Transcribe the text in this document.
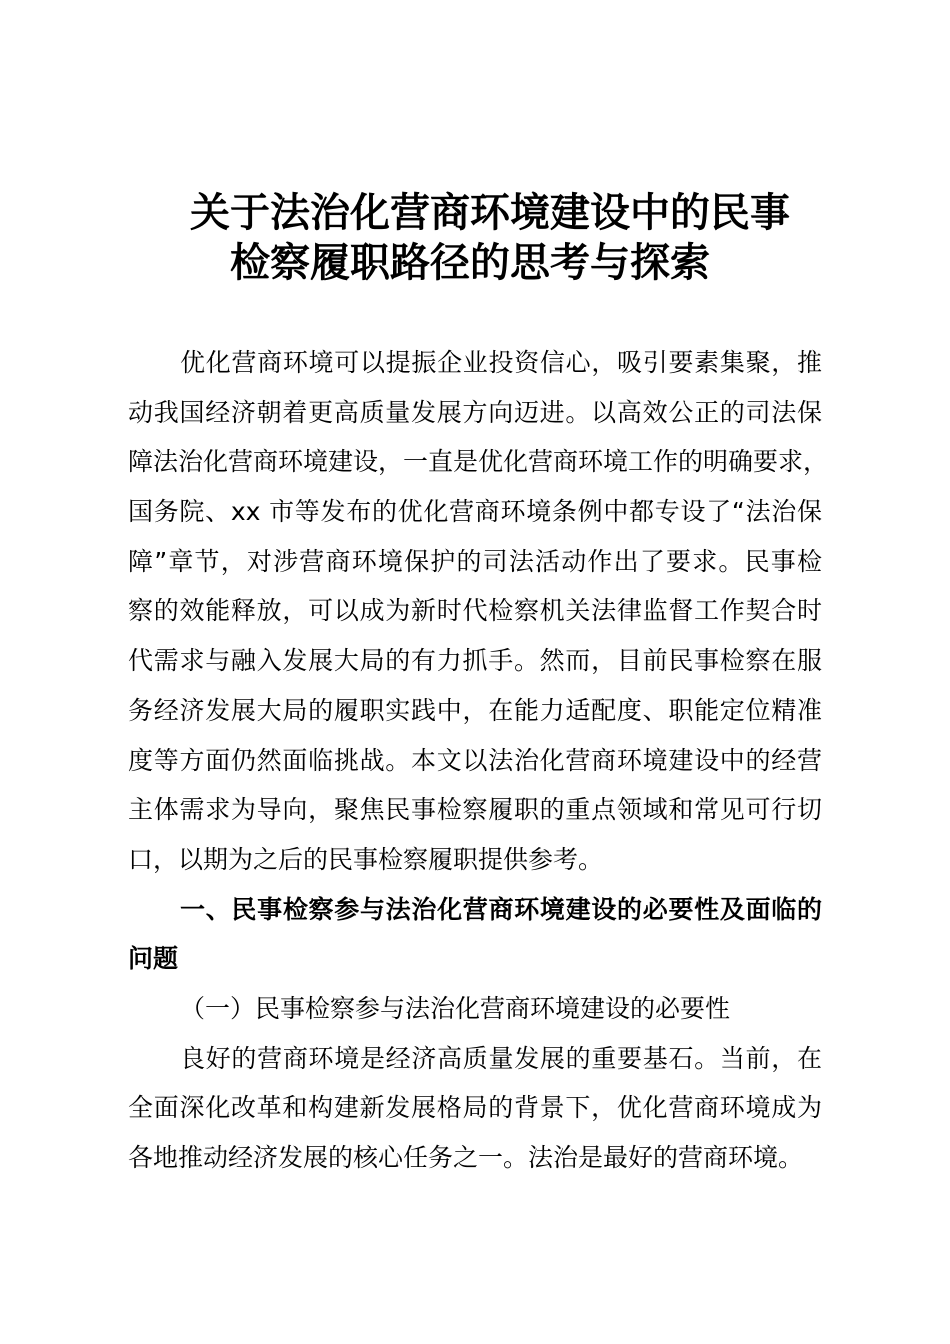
关于法治化营商环境建设中的民事
检察履职路径的思考与探索
优化营商环境可以提振企业投资信心，吸引要素集聚，推
动我国经济朝着更高质量发展方向迈进。以高效公正的司法保
障法治化营商环境建设，一直是优化营商环境工作的明确要求，
国务院、xx 市等发布的优化营商环境条例中都专设了“法治保
障”章节，对涉营商环境保护的司法活动作出了要求。民事检
察的效能释放，可以成为新时代检察机关法律监督工作契合时
代需求与融入发展大局的有力抓手。然而，目前民事检察在服
务经济发展大局的履职实践中，在能力适配度、职能定位精准
度等方面仍然面临挑战。本文以法治化营商环境建设中的经营
主体需求为导向，聚焦民事检察履职的重点领域和常见可行切
口，以期为之后的民事检察履职提供参考。
一、民事检察参与法治化营商环境建设的必要性及面临的
问题
（一）民事检察参与法治化营商环境建设的必要性
良好的营商环境是经济高质量发展的重要基石。当前，在
全面深化改革和构建新发展格局的背景下，优化营商环境成为
各地推动经济发展的核心任务之一。法治是最好的营商环境。
